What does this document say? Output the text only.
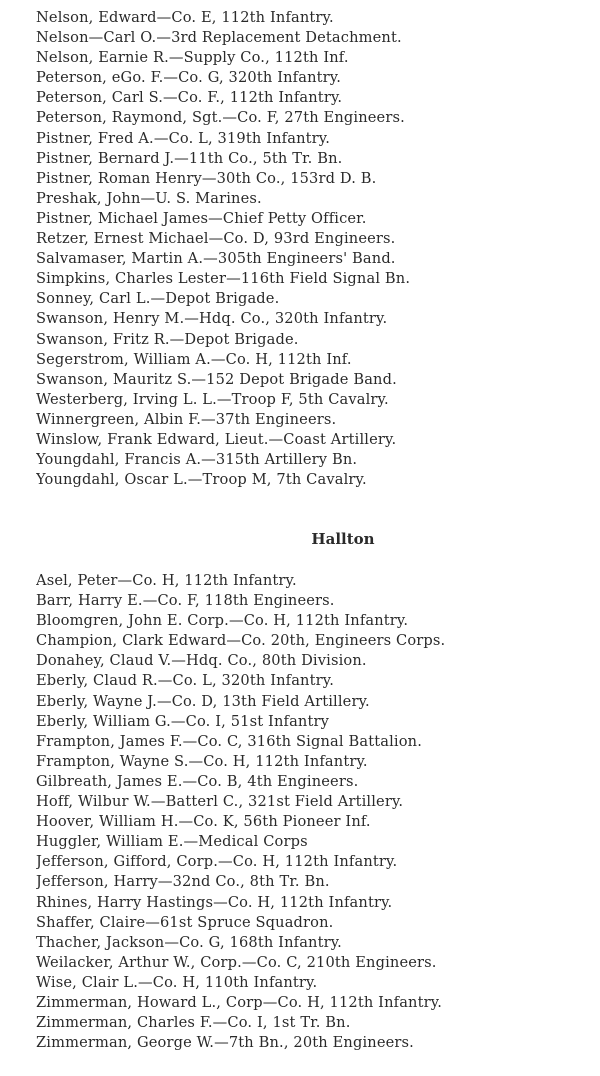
Nelson, Edward—Co. E, 112th Infantry.
Nelson—Carl O.—3rd Replacement Detachment.
Nelson, Earnie R.—Supply Co., 112th Inf.
Peterson, eGo. F.—Co. G, 320th Infantry.
Peterson, Carl S.—Co. F., 112th Infantry.
Peterson, Raymond, Sgt.—Co. F, 27th Engineers.
Pistner, Fred A.—Co. L, 319th Infantry.
Pistner, Bernard J.—11th Co., 5th Tr. Bn.
Pistner, Roman Henry—30th Co., 153rd D. B.
Preshak, John—U. S. Marines.
Pistner, Michael James—Chief Petty Officer.
Retzer, Ernest Michael—Co. D, 93rd Engineers.
Salvamaser, Martin A.—305th Engineers' Band.
Simpkins, Charles Lester—116th Field Signal Bn.
Sonney, Carl L.—Depot Brigade.
Swanson, Henry M.—Hdq. Co., 320th Infantry.
Swanson, Fritz R.—Depot Brigade.
Segerstrom, William A.—Co. H, 112th Inf.
Swanson, Mauritz S.—152 Depot Brigade Band.
Westerberg, Irving L. L.—Troop F, 5th Cavalry.
Winnergreen, Albin F.—37th Engineers.
Winslow, Frank Edward, Lieut.—Coast Artillery.
Youngdahl, Francis A.—315th Artillery Bn.
Youngdahl, Oscar L.—Troop M, 7th Cavalry.
Hallton
Asel, Peter—Co. H, 112th Infantry.
Barr, Harry E.—Co. F, 118th Engineers.
Bloomgren, John E. Corp.—Co. H, 112th Infantry.
Champion, Clark Edward—Co. 20th, Engineers Corps.
Donahey, Claud V.—Hdq. Co., 80th Division.
Eberly, Claud R.—Co. L, 320th Infantry.
Eberly, Wayne J.—Co. D, 13th Field Artillery.
Eberly, William G.—Co. I, 51st Infantry
Frampton, James F.—Co. C, 316th Signal Battalion.
Frampton, Wayne S.—Co. H, 112th Infantry.
Gilbreath, James E.—Co. B, 4th Engineers.
Hoff, Wilbur W.—Batterl C., 321st Field Artillery.
Hoover, William H.—Co. K, 56th Pioneer Inf.
Huggler, William E.—Medical Corps
Jefferson, Gifford, Corp.—Co. H, 112th Infantry.
Jefferson, Harry—32nd Co., 8th Tr. Bn.
Rhines, Harry Hastings—Co. H, 112th Infantry.
Shaffer, Claire—61st Spruce Squadron.
Thacher, Jackson—Co. G, 168th Infantry.
Weilacker, Arthur W., Corp.—Co. C, 210th Engineers.
Wise, Clair L.—Co. H, 110th Infantry.
Zimmerman, Howard L., Corp—Co. H, 112th Infantry.
Zimmerman, Charles F.—Co. I, 1st Tr. Bn.
Zimmerman, George W.—7th Bn., 20th Engineers.
